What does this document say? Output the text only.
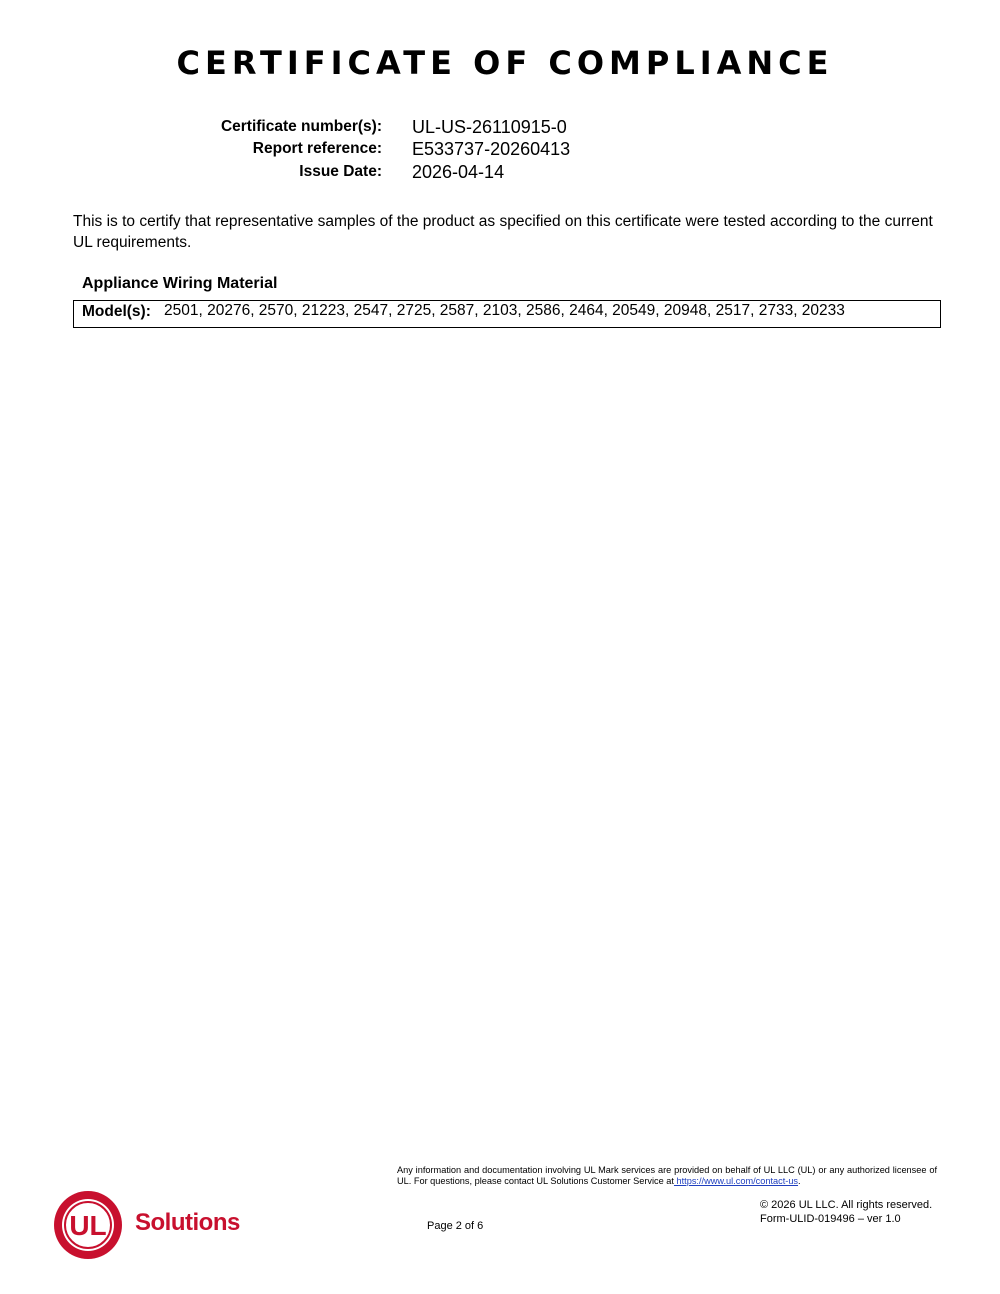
CERTIFICATE OF COMPLIANCE
Certificate number(s): UL-US-26110915-0
Report reference: E533737-20260413
Issue Date: 2026-04-14

This is to certify that representative samples of the product as specified on this certificate were tested according to the current UL requirements.

Appliance Wiring Material
Model(s): 2501, 20276, 2570, 21223, 2547, 2725, 2587, 2103, 2586, 2464, 20549, 20948, 2517, 2733, 20233

Any information and documentation involving UL Mark services are provided on behalf of UL LLC (UL) or any authorized licensee of UL. For questions, please contact UL Solutions Customer Service at https://www.ul.com/contact-us.

Page 2 of 6
© 2026 UL LLC. All rights reserved.
Form-ULID-019496 – ver 1.0
UL Solutions
